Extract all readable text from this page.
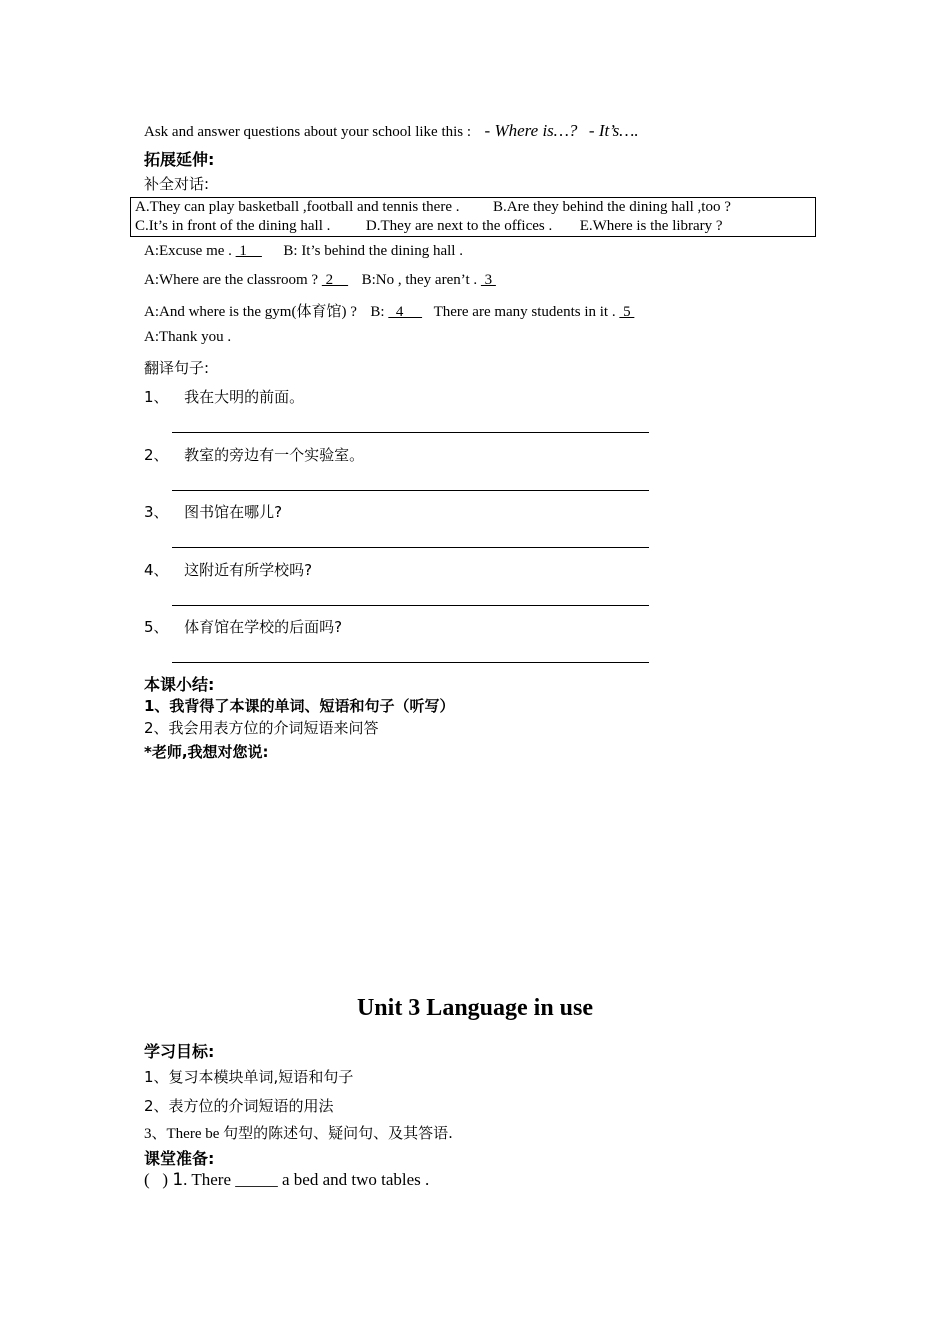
Ask and answer questions about your school like this : - Where is…? - It’s….
拓展延伸:
补全对话:
A.They can play basketball ,football and tennis there . B.Are they behind the dining hall ,too ?
C.It’s in front of the dining hall . D.They are next to the offices . E.Where is the library ?
A:Excuse me .  1      B: It’s behind the dining hall .
A:Where are the classroom ?  2      B:No , they aren’t .  3
A:And where is the gym(体育馆) ? B:   4       There are many students in it .  5
A:Thank you .
翻译句子:
1、 我在大明的前面。
2、 教室的旁边有一个实验室。
3、 图书馆在哪儿?
4、 这附近有所学校吗?
5、 体育馆在学校的后面吗?
本课小结:
1、我背得了本课的单词、短语和句子（听写）
2、我会用表方位的介词短语来问答
*老师,我想对您说:
Unit 3 Language in use
学习目标:
1、复习本模块单词,短语和句子
2、表方位的介词短语的用法
3、There be 句型的陈述句、疑问句、及其答语.
课堂准备:
(   ) 1. There _____ a bed and two tables .
